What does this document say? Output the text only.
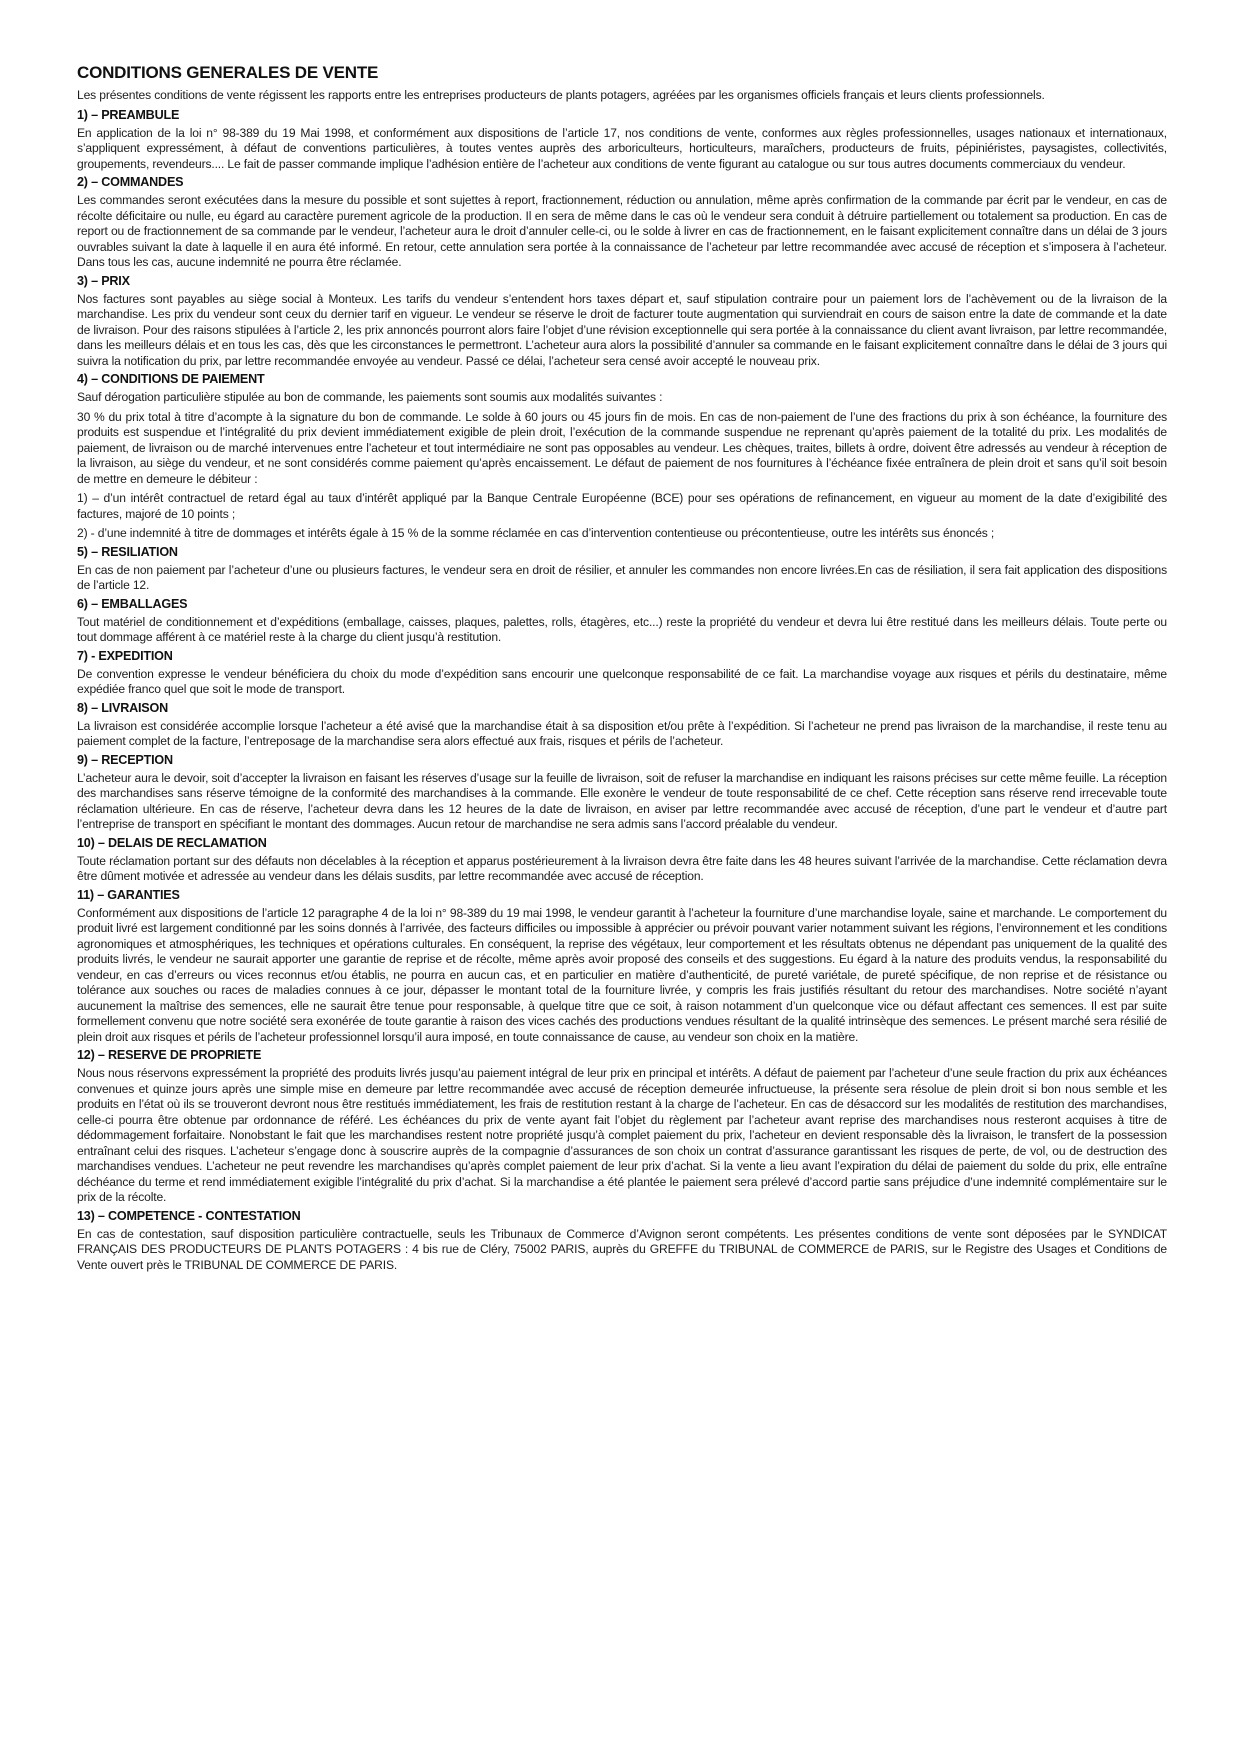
CONDITIONS GENERALES DE VENTE

Les présentes conditions de vente régissent les rapports entre les entreprises producteurs de plants potagers, agréées par les organismes officiels français et leurs clients professionnels.

1) – PREAMBULE

En application de la loi n° 98-389 du 19 Mai 1998, et conformément aux dispositions de l’article 17, nos conditions de vente, conformes aux règles professionnelles, usages nationaux et internationaux, s’appliquent expressément, à défaut de conventions particulières, à toutes ventes auprès des arboriculteurs, horticulteurs, maraîchers, producteurs de fruits, pépiniéristes, paysagistes, collectivités, groupements, revendeurs.... Le fait de passer commande implique l’adhésion entière de l’acheteur aux conditions de vente figurant au catalogue ou sur tous autres documents commerciaux du vendeur.

2) – COMMANDES

Les commandes seront exécutées dans la mesure du possible et sont sujettes à report, fractionnement, réduction ou annulation, même après confirmation de la commande par écrit par le vendeur, en cas de récolte déficitaire ou nulle, eu égard au caractère purement agricole de la production. Il en sera de même dans le cas où le vendeur sera conduit à détruire partiellement ou totalement sa production. En cas de report ou de fractionnement de sa commande par le vendeur, l’acheteur aura le droit d’annuler celle-ci, ou le solde à livrer en cas de fractionnement, en le faisant explicitement connaître dans un délai de 3 jours ouvrables suivant la date à laquelle il en aura été informé. En retour, cette annulation sera portée à la connaissance de l’acheteur par lettre recommandée avec accusé de réception et s’imposera à l’acheteur. Dans tous les cas, aucune indemnité ne pourra être réclamée.

3) – PRIX

Nos factures sont payables au siège social à Monteux. Les tarifs du vendeur s’entendent hors taxes départ et, sauf stipulation contraire pour un paiement lors de l’achèvement ou de la livraison de la marchandise. Les prix du vendeur sont ceux du dernier tarif en vigueur. Le vendeur se réserve le droit de facturer toute augmentation qui surviendrait en cours de saison entre la date de commande et la date de livraison. Pour des raisons stipulées à l’article 2, les prix annoncés pourront alors faire l’objet d’une révision exceptionnelle qui sera portée à la connaissance du client avant livraison, par lettre recommandée, dans les meilleurs délais et en tous les cas, dès que les circonstances le permettront. L’acheteur aura alors la possibilité d’annuler sa commande en le faisant explicitement connaître dans le délai de 3 jours qui suivra la notification du prix, par lettre recommandée envoyée au vendeur. Passé ce délai, l’acheteur sera censé avoir accepté le nouveau prix.

4) – CONDITIONS DE PAIEMENT

Sauf dérogation particulière stipulée au bon de commande, les paiements sont soumis aux modalités suivantes :

30 % du prix total à titre d’acompte à la signature du bon de commande. Le solde à 60 jours ou 45 jours fin de mois. En cas de non-paiement de l’une des fractions du prix à son échéance, la fourniture des produits est suspendue et l’intégralité du prix devient immédiatement exigible de plein droit, l’exécution de la commande suspendue ne reprenant qu’après paiement de la totalité du prix. Les modalités de paiement, de livraison ou de marché intervenues entre l’acheteur et tout intermédiaire ne sont pas opposables au vendeur. Les chèques, traites, billets à ordre, doivent être adressés au vendeur à réception de la livraison, au siège du vendeur, et ne sont considérés comme paiement qu’après encaissement. Le défaut de paiement de nos fournitures à l’échéance fixée entraînera de plein droit et sans qu’il soit besoin de mettre en demeure le débiteur :

1) – d’un intérêt contractuel de retard égal au taux d’intérêt appliqué par la Banque Centrale Européenne (BCE) pour ses opérations de refinancement, en vigueur au moment de la date d’exigibilité des factures, majoré de 10 points ;

2) - d’une indemnité à titre de dommages et intérêts égale à 15 % de la somme réclamée en cas d’intervention contentieuse ou précontentieuse, outre les intérêts sus énoncés ;

5) – RESILIATION

En cas de non paiement par l’acheteur d’une ou plusieurs factures, le vendeur sera en droit de résilier, et annuler les commandes non encore livrées.En cas de résiliation, il sera fait application des dispositions de l’article 12.

6) – EMBALLAGES

Tout matériel de conditionnement et d’expéditions (emballage, caisses, plaques, palettes, rolls, étagères, etc...) reste la propriété du vendeur et devra lui être restitué dans les meilleurs délais. Toute perte ou tout dommage afférent à ce matériel reste à la charge du client jusqu’à restitution.

7) - EXPEDITION

De convention expresse le vendeur bénéficiera du choix du mode d’expédition sans encourir une quelconque responsabilité de ce fait. La marchandise voyage aux risques et périls du destinataire, même expédiée franco quel que soit le mode de transport.

8) – LIVRAISON

La livraison est considérée accomplie lorsque l’acheteur a été avisé que la marchandise était à sa disposition et/ou prête à l’expédition. Si l’acheteur ne prend pas livraison de la marchandise, il reste tenu au paiement complet de la facture, l’entreposage de la marchandise sera alors effectué aux frais, risques et périls de l’acheteur.

9) – RECEPTION

L’acheteur aura le devoir, soit d’accepter la livraison en faisant les réserves d’usage sur la feuille de livraison, soit de refuser la marchandise en indiquant les raisons précises sur cette même feuille. La réception des marchandises sans réserve témoigne de la conformité des marchandises à la commande. Elle exonère le vendeur de toute responsabilité de ce chef. Cette réception sans réserve rend irrecevable toute réclamation ultérieure. En cas de réserve, l’acheteur devra dans les 12 heures de la date de livraison, en aviser par lettre recommandée avec accusé de réception, d’une part le vendeur et d’autre part l’entreprise de transport en spécifiant le montant des dommages. Aucun retour de marchandise ne sera admis sans l’accord préalable du vendeur.

10) – DELAIS DE RECLAMATION

Toute réclamation portant sur des défauts non décelables à la réception et apparus postérieurement à la livraison devra être faite dans les 48 heures suivant l’arrivée de la marchandise. Cette réclamation devra être dûment motivée et adressée au vendeur dans les délais susdits, par lettre recommandée avec accusé de réception.

11) – GARANTIES

Conformément aux dispositions de l’article 12 paragraphe 4 de la loi n° 98-389 du 19 mai 1998, le vendeur garantit à l’acheteur la fourniture d’une marchandise loyale, saine et marchande. Le comportement du produit livré est largement conditionné par les soins donnés à l’arrivée, des facteurs difficiles ou impossible à apprécier ou prévoir pouvant varier notamment suivant les régions, l’environnement et les conditions agronomiques et atmosphériques, les techniques et opérations culturales. En conséquent, la reprise des végétaux, leur comportement et les résultats obtenus ne dépendant pas uniquement de la qualité des produits livrés, le vendeur ne saurait apporter une garantie de reprise et de récolte, même après avoir proposé des conseils et des suggestions. Eu égard à la nature des produits vendus, la responsabilité du vendeur, en cas d’erreurs ou vices reconnus et/ou établis, ne pourra en aucun cas, et en particulier en matière d’authenticité, de pureté variétale, de pureté spécifique, de non reprise et de résistance ou tolérance aux souches ou races de maladies connues à ce jour, dépasser le montant total de la fourniture livrée, y compris les frais justifiés résultant du retour des marchandises. Notre société n’ayant aucunement la maîtrise des semences, elle ne saurait être tenue pour responsable, à quelque titre que ce soit, à raison notamment d’un quelconque vice ou défaut affectant ces semences. Il est par suite formellement convenu que notre société sera exonérée de toute garantie à raison des vices cachés des productions vendues résultant de la qualité intrinsèque des semences. Le présent marché sera résilié de plein droit aux risques et périls de l’acheteur professionnel lorsqu’il aura imposé, en toute connaissance de cause, au vendeur son choix en la matière.

12) – RESERVE DE PROPRIETE

Nous nous réservons expressément la propriété des produits livrés jusqu’au paiement intégral de leur prix en principal et intérêts. A défaut de paiement par l’acheteur d’une seule fraction du prix aux échéances convenues et quinze jours après une simple mise en demeure par lettre recommandée avec accusé de réception demeurée infructueuse, la présente sera résolue de plein droit si bon nous semble et les produits en l’état où ils se trouveront devront nous être restitués immédiatement, les frais de restitution restant à la charge de l’acheteur. En cas de désaccord sur les modalités de restitution des marchandises, celle-ci pourra être obtenue par ordonnance de référé. Les échéances du prix de vente ayant fait l’objet du règlement par l’acheteur avant reprise des marchandises nous resteront acquises à titre de dédommagement forfaitaire. Nonobstant le fait que les marchandises restent notre propriété jusqu’à complet paiement du prix, l’acheteur en devient responsable dès la livraison, le transfert de la possession entraînant celui des risques. L’acheteur s’engage donc à souscrire auprès de la compagnie d’assurances de son choix un contrat d’assurance garantissant les risques de perte, de vol, ou de destruction des marchandises vendues. L’acheteur ne peut revendre les marchandises qu’après complet paiement de leur prix d’achat. Si la vente a lieu avant l’expiration du délai de paiement du solde du prix, elle entraîne déchéance du terme et rend immédiatement exigible l’intégralité du prix d’achat. Si la marchandise a été plantée le paiement sera prélevé d’accord partie sans préjudice d’une indemnité complémentaire sur le prix de la récolte.

13) – COMPETENCE - CONTESTATION

En cas de contestation, sauf disposition particulière contractuelle, seuls les Tribunaux de Commerce d’Avignon seront compétents. Les présentes conditions de vente sont déposées par le SYNDICAT FRANÇAIS DES PRODUCTEURS DE PLANTS POTAGERS : 4 bis rue de Cléry, 75002 PARIS, auprès du GREFFE du TRIBUNAL de COMMERCE de PARIS, sur le Registre des Usages et Conditions de Vente ouvert près le TRIBUNAL DE COMMERCE DE PARIS.
